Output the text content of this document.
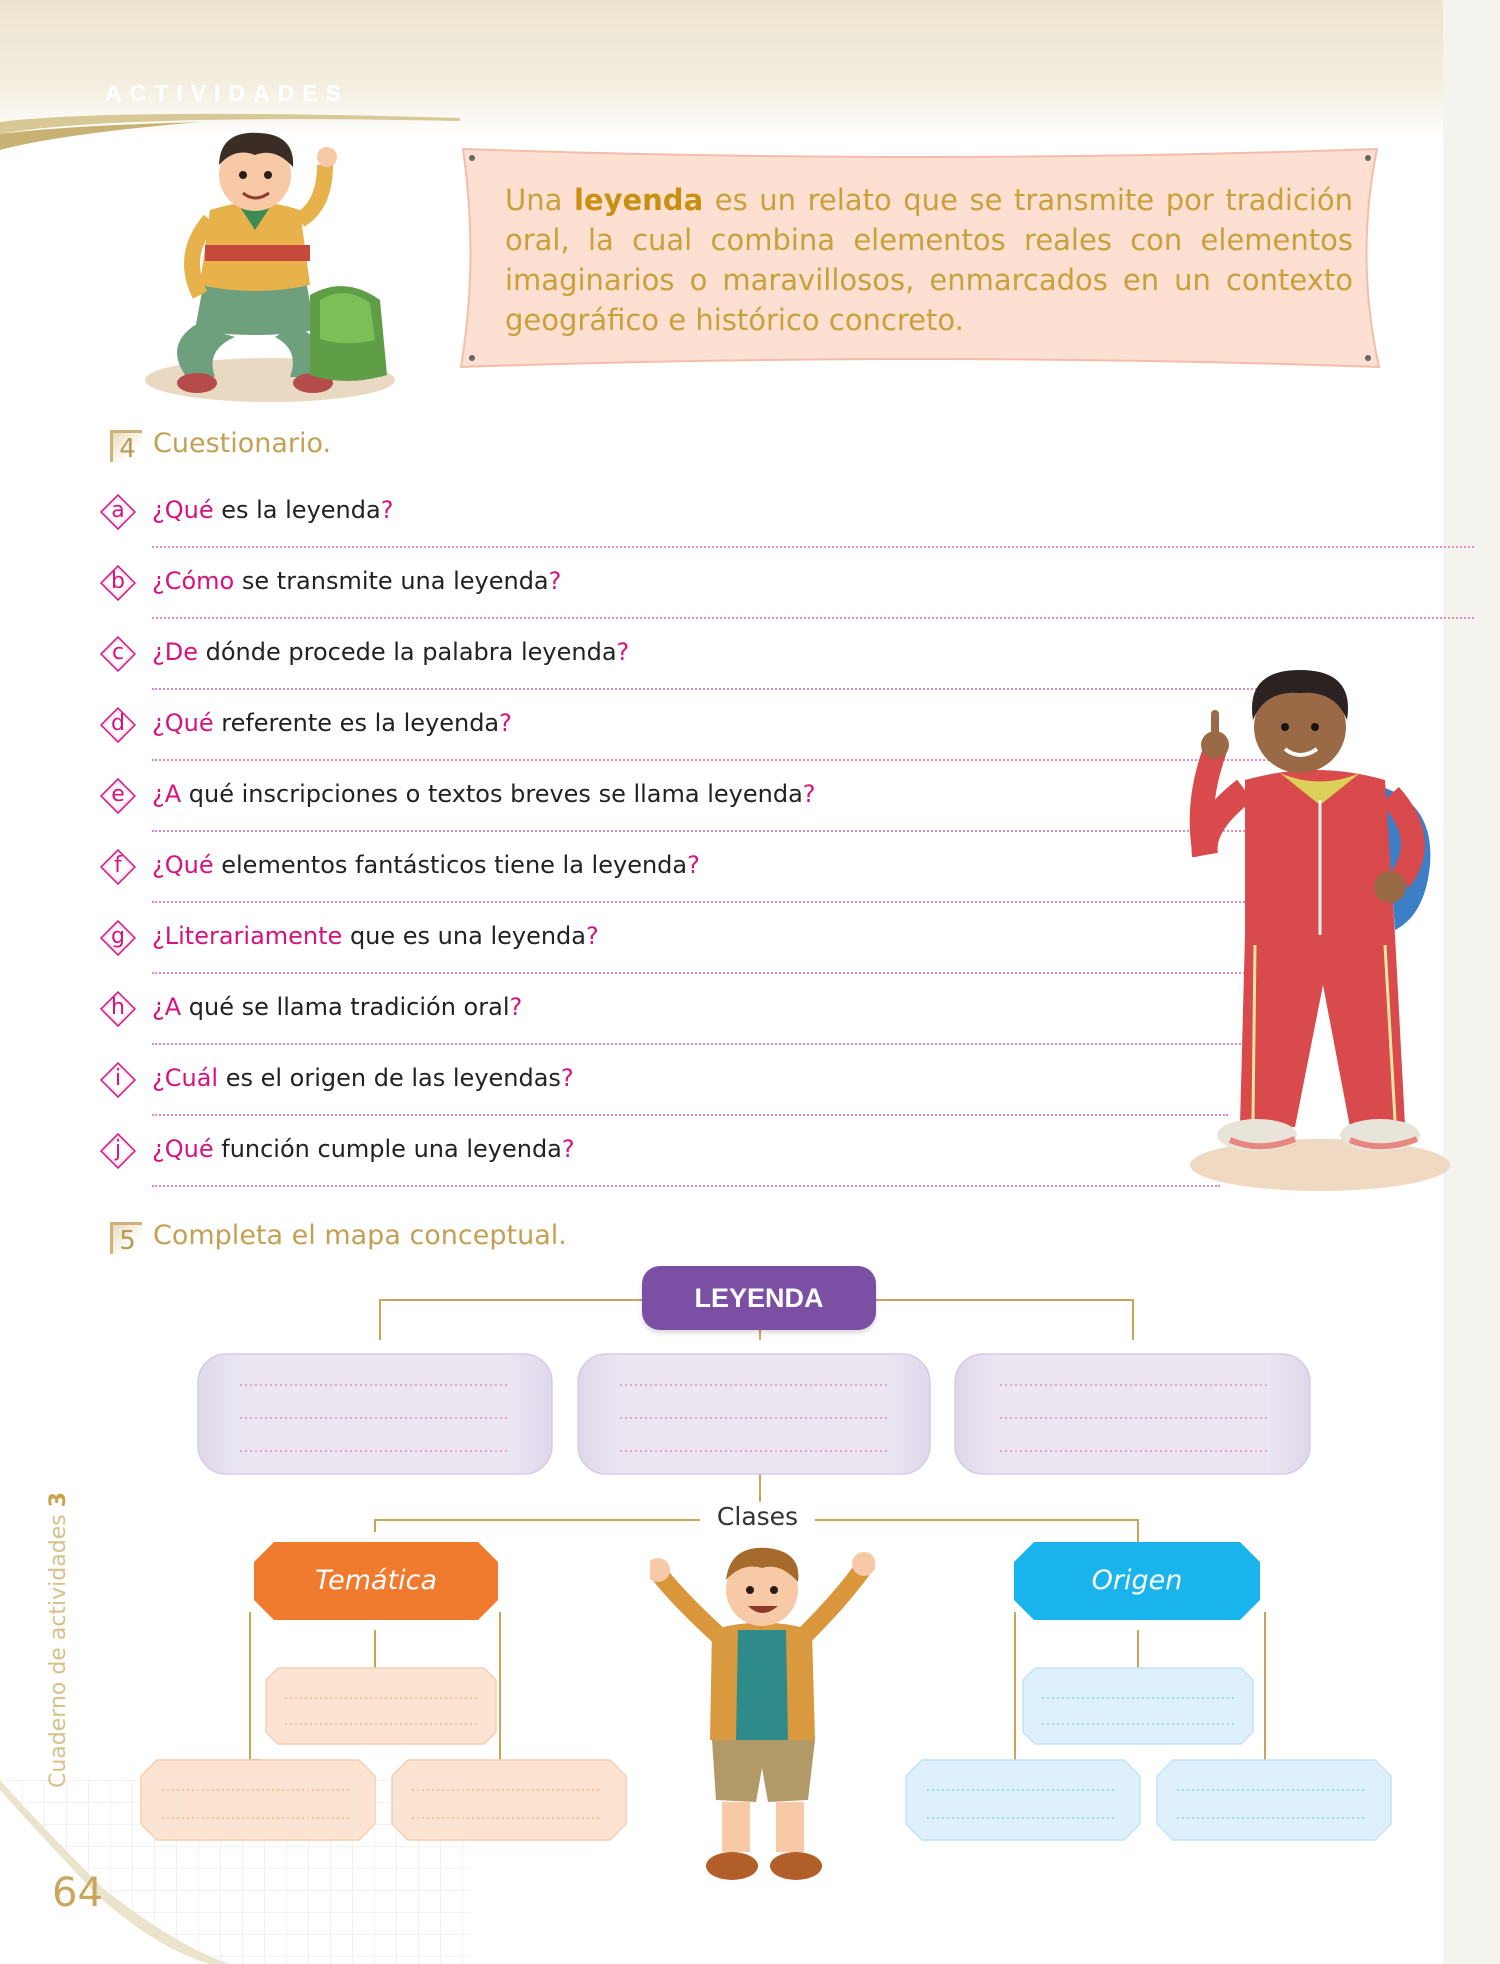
ACTIVIDADES
Una leyenda es un relato que se transmite por tradición oral, la cual combina elementos reales con elementos imaginarios o maravillosos, enmarcados en un contexto geográfico e histórico concreto.
4 Cuestionario.
a	¿Qué es la leyenda?
b	¿Cómo se transmite una leyenda?
c	¿De dónde procede la palabra leyenda?
d	¿Qué referente es la leyenda?
e	¿A qué inscripciones o textos breves se llama leyenda?
f	¿Qué elementos fantásticos tiene la leyenda?
g	¿Literariamente que es una leyenda?
h	¿A qué se llama tradición oral?
i	¿Cuál es el origen de las leyendas?
j	¿Qué función cumple una leyenda?
5 Completa el mapa conceptual.
LEYENDA
Clases
Temática	Origen
Cuaderno de actividades 3
64
